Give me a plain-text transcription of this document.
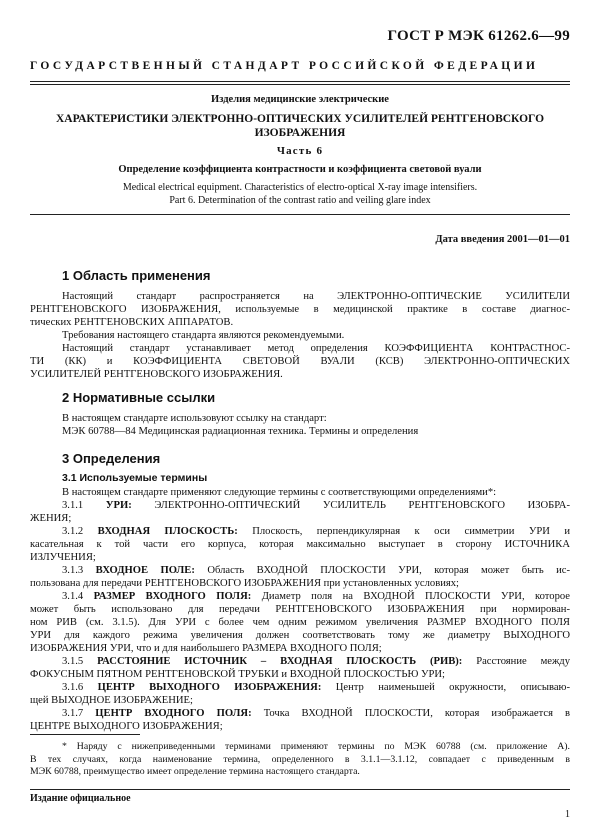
ГОСТ Р МЭК 61262.6—99
ГОСУДАРСТВЕННЫЙ СТАНДАРТ РОССИЙСКОЙ ФЕДЕРАЦИИ
Изделия медицинские электрические
ХАРАКТЕРИСТИКИ ЭЛЕКТРОННО-ОПТИЧЕСКИХ УСИЛИТЕЛЕЙ РЕНТГЕНОВСКОГО
ИЗОБРАЖЕНИЯ
Часть 6
Определение коэффициента контрастности и коэффициента световой вуали
Medical electrical equipment. Characteristics of electro-optical X-ray image intensifiers.
Part 6. Determination of the contrast ratio and veiling glare index
Дата введения 2001—01—01
1 Область применения
Настоящий стандарт распространяется на ЭЛЕКТРОННО-ОПТИЧЕСКИЕ УСИЛИТЕЛИ
РЕНТГЕНОВСКОГО ИЗОБРАЖЕНИЯ, используемые в медицинской практике в составе диагнос-
тических РЕНТГЕНОВСКИХ АППАРАТОВ.
Требования настоящего стандарта являются рекомендуемыми.
Настоящий стандарт устанавливает метод определения КОЭФФИЦИЕНТА КОНТРАСТНОС-
ТИ (КК) и КОЭФФИЦИЕНТА СВЕТОВОЙ ВУАЛИ (КСВ) ЭЛЕКТРОННО-ОПТИЧЕСКИХ
УСИЛИТЕЛЕЙ РЕНТГЕНОВСКОГО ИЗОБРАЖЕНИЯ.
2 Нормативные ссылки
В настоящем стандарте использовуют ссылку на стандарт:
МЭК 60788—84 Медицинская радиационная техника. Термины и определения
3 Определения
3.1 Используемые термины
В настоящем стандарте применяют следующие термины с соответствующими определениями*:
3.1.1 УРИ: ЭЛЕКТРОННО-ОПТИЧЕСКИЙ УСИЛИТЕЛЬ РЕНТГЕНОВСКОГО ИЗОБРА-
ЖЕНИЯ;
3.1.2 ВХОДНАЯ ПЛОСКОСТЬ: Плоскость, перпендикулярная к оси симметрии УРИ и
касательная к той части его корпуса, которая максимально выступает в сторону ИСТОЧНИКА
ИЗЛУЧЕНИЯ;
3.1.3 ВХОДНОЕ ПОЛЕ: Область ВХОДНОЙ ПЛОСКОСТИ УРИ, которая может быть ис-
пользована для передачи РЕНТГЕНОВСКОГО ИЗОБРАЖЕНИЯ при установленных условиях;
3.1.4 РАЗМЕР ВХОДНОГО ПОЛЯ: Диаметр поля на ВХОДНОЙ ПЛОСКОСТИ УРИ, которое
может быть использовано для передачи РЕНТГЕНОВСКОГО ИЗОБРАЖЕНИЯ при нормирован-
ном РИВ (см. 3.1.5). Для УРИ с более чем одним режимом увеличения РАЗМЕР ВХОДНОГО ПОЛЯ
УРИ для каждого режима увеличения должен соответствовать тому же диаметру ВЫХОДНОГО
ИЗОБРАЖЕНИЯ УРИ, что и для наибольшего РАЗМЕРА ВХОДНОГО ПОЛЯ;
3.1.5 РАССТОЯНИЕ ИСТОЧНИК – ВХОДНАЯ ПЛОСКОСТЬ (РИВ): Расстояние между
ФОКУСНЫМ ПЯТНОМ РЕНТГЕНОВСКОЙ ТРУБКИ и ВХОДНОЙ ПЛОСКОСТЬЮ УРИ;
3.1.6 ЦЕНТР ВЫХОДНОГО ИЗОБРАЖЕНИЯ: Центр наименьшей окружности, описываю-
щей ВЫХОДНОЕ ИЗОБРАЖЕНИЕ;
3.1.7 ЦЕНТР ВХОДНОГО ПОЛЯ: Точка ВХОДНОЙ ПЛОСКОСТИ, которая изображается в
ЦЕНТРЕ ВЫХОДНОГО ИЗОБРАЖЕНИЯ;
* Наряду с нижеприведенными терминами применяют термины по МЭК 60788 (см. приложение А).
В тех случаях, когда наименование термина, определенного в 3.1.1—3.1.12, совпадает с приведенным в
МЭК 60788, преимущество имеет определение термина настоящего стандарта.
Издание официальное
1
